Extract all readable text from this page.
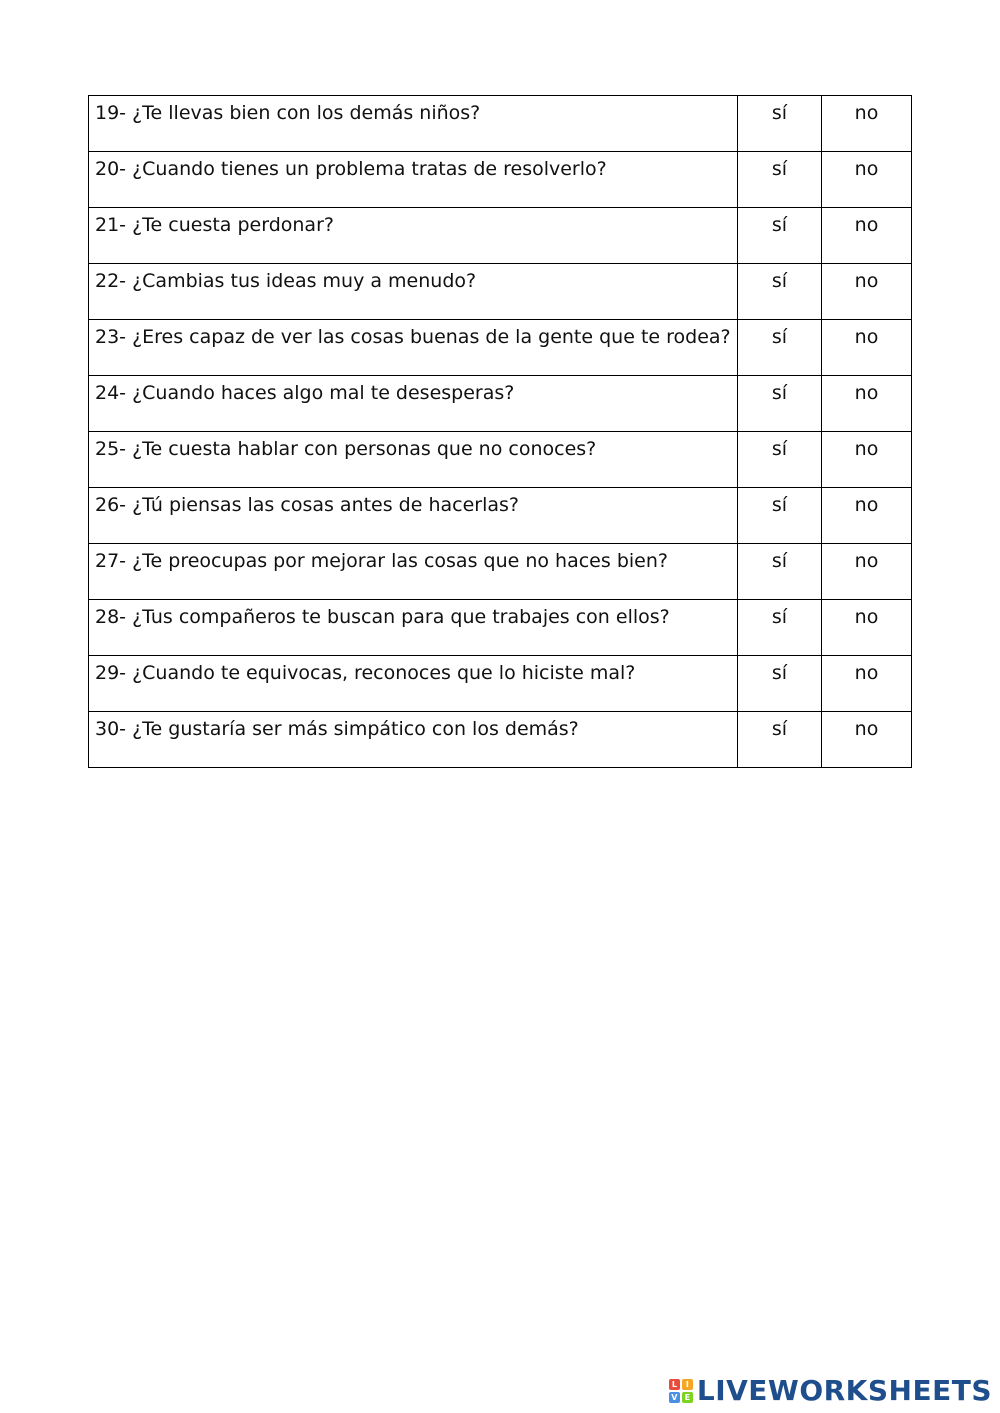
19- ¿Te llevas bien con los demás niños?	sí	no
20- ¿Cuando tienes un problema tratas de resolverlo?	sí	no
21- ¿Te cuesta perdonar?	sí	no
22- ¿Cambias tus ideas muy a menudo?	sí	no
23- ¿Eres capaz de ver las cosas buenas de la gente que te rodea?	sí	no
24- ¿Cuando haces algo mal te desesperas?	sí	no
25- ¿Te cuesta hablar con personas que no conoces?	sí	no
26- ¿Tú piensas las cosas antes de hacerlas?	sí	no
27- ¿Te preocupas por mejorar las cosas que no haces bien?	sí	no
28- ¿Tus compañeros te buscan para que trabajes con ellos?	sí	no
29- ¿Cuando te equivocas, reconoces que lo hiciste mal?	sí	no
30- ¿Te gustaría ser más simpático con los demás?	sí	no
L	I
V E LIVEWORKSHEETS
